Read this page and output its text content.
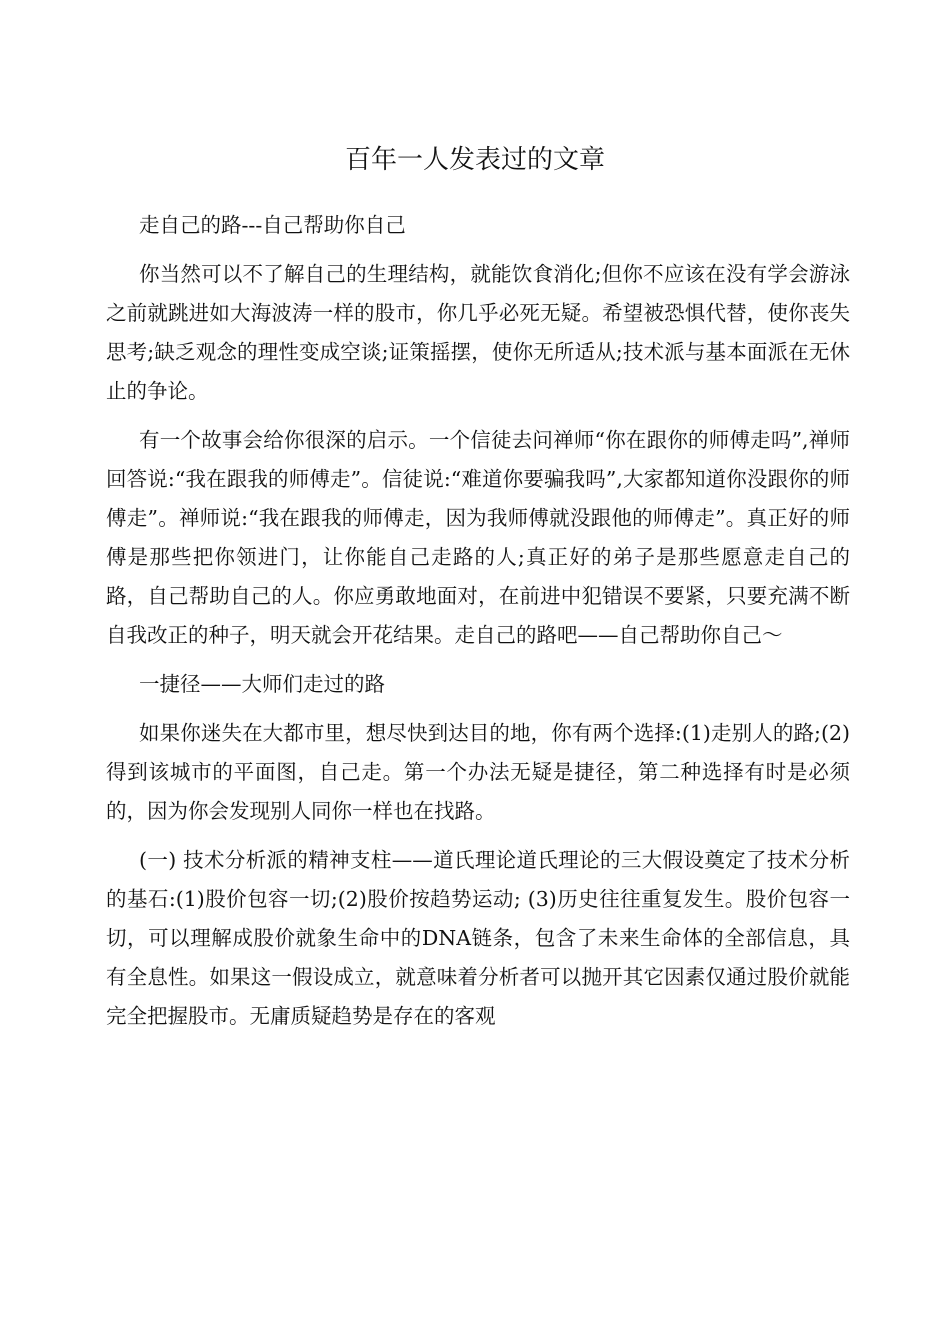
百年一人发表过的文章

走自己的路---自己帮助你自己

你当然可以不了解自己的生理结构，就能饮食消化;但你不应该在没有学会游泳之前就跳进如大海波涛一样的股市，你几乎必死无疑。希望被恐惧代替，使你丧失思考;缺乏观念的理性变成空谈;证策摇摆，使你无所适从;技术派与基本面派在无休止的争论。

有一个故事会给你很深的启示。一个信徒去问禅师“你在跟你的师傅走吗”,禅师回答说:“我在跟我的师傅走”。信徒说:“难道你要骗我吗”,大家都知道你没跟你的师傅走”。禅师说:“我在跟我的师傅走，因为我师傅就没跟他的师傅走”。真正好的师傅是那些把你领进门，让你能自己走路的人;真正好的弟子是那些愿意走自己的路，自己帮助自己的人。你应勇敢地面对，在前进中犯错误不要紧，只要充满不断自我改正的种子，明天就会开花结果。走自己的路吧——自己帮助你自己〜

一捷径——大师们走过的路

如果你迷失在大都市里，想尽快到达目的地，你有两个选择:(1)走别人的路;(2)得到该城市的平面图，自己走。第一个办法无疑是捷径，第二种选择有时是必须的，因为你会发现别人同你一样也在找路。

(一) 技术分析派的精神支柱——道氏理论道氏理论的三大假设奠定了技术分析的基石:(1)股价包容一切;(2)股价按趋势运动; (3)历史往往重复发生。股价包容一切，可以理解成股价就象生命中的DNA链条，包含了未来生命体的全部信息，具有全息性。如果这一假设成立，就意味着分析者可以抛开其它因素仅通过股价就能完全把握股市。无庸质疑趋势是存在的客观
